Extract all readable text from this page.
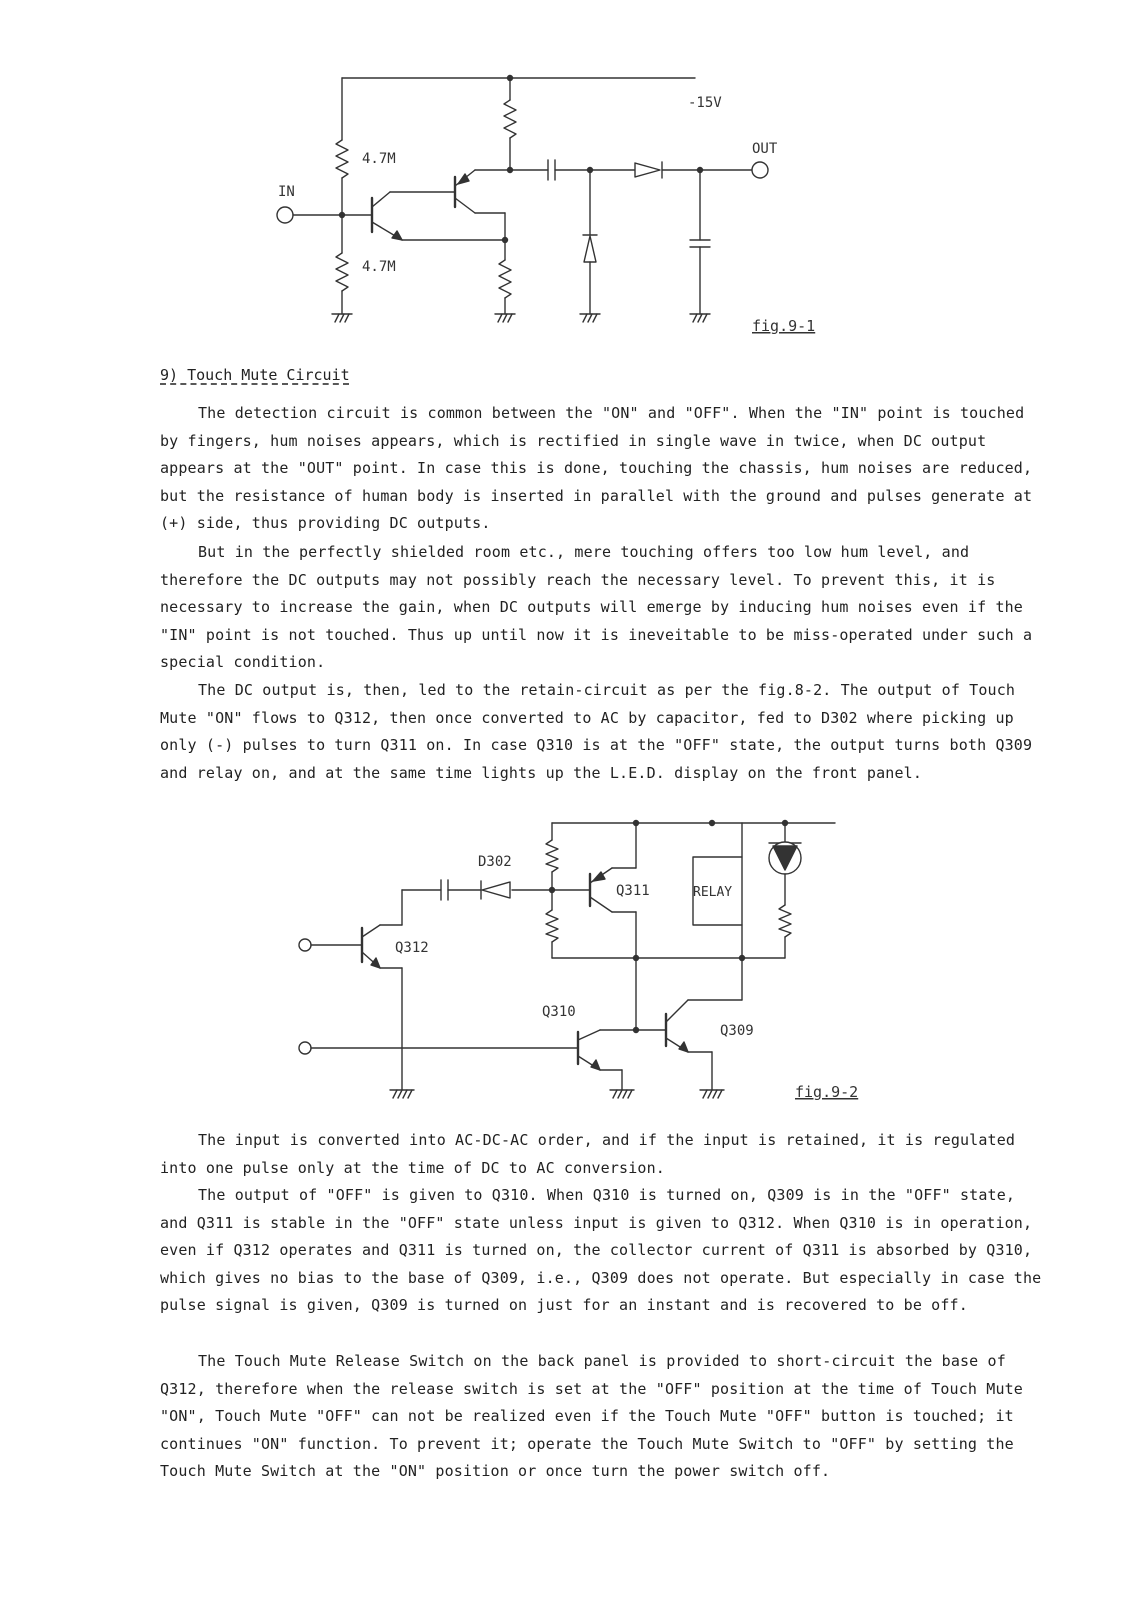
-15V
OUT
IN
4.7M
4.7M
fig.9-1
9) Touch Mute Circuit

The detection circuit is common between the "ON" and "OFF". When the "IN" point is touched by fingers, hum noises appears, which is rectified in single wave in twice, when DC output appears at the "OUT" point. In case this is done, touching the chassis, hum noises are reduced, but the resistance of human body is inserted in parallel with the ground and pulses generate at (+) side, thus providing DC outputs.

But in the perfectly shielded room etc., mere touching offers too low hum level, and therefore the DC outputs may not possibly reach the necessary level. To prevent this, it is necessary to increase the gain, when DC outputs will emerge by inducing hum noises even if the "IN" point is not touched. Thus up until now it is ineveitable to be miss-operated under such a special condition.

The DC output is, then, led to the retain-circuit as per the fig.8-2. The output of Touch Mute "ON" flows to Q312, then once converted to AC by capacitor, fed to D302 where picking up only (-) pulses to turn Q311 on. In case Q310 is at the "OFF" state, the output turns both Q309 and relay on, and at the same time lights up the L.E.D. display on the front panel.

D302
Q311	RELAY
Q312
Q310
Q309
fig.9-2

The input is converted into AC-DC-AC order, and if the input is retained, it is regulated into one pulse only at the time of DC to AC conversion.

The output of "OFF" is given to Q310. When Q310 is turned on, Q309 is in the "OFF" state, and Q311 is stable in the "OFF" state unless input is given to Q312. When Q310 is in operation, even if Q312 operates and Q311 is turned on, the collector current of Q311 is absorbed by Q310, which gives no bias to the base of Q309, i.e., Q309 does not operate. But especially in case the pulse signal is given, Q309 is turned on just for an instant and is recovered to be off.

The Touch Mute Release Switch on the back panel is provided to short-circuit the base of Q312, therefore when the release switch is set at the "OFF" position at the time of Touch Mute "ON", Touch Mute "OFF" can not be realized even if the Touch Mute "OFF" button is touched; it continues "ON" function. To prevent it; operate the Touch Mute Switch to "OFF" by setting the Touch Mute Switch at the "ON" position or once turn the power switch off.
